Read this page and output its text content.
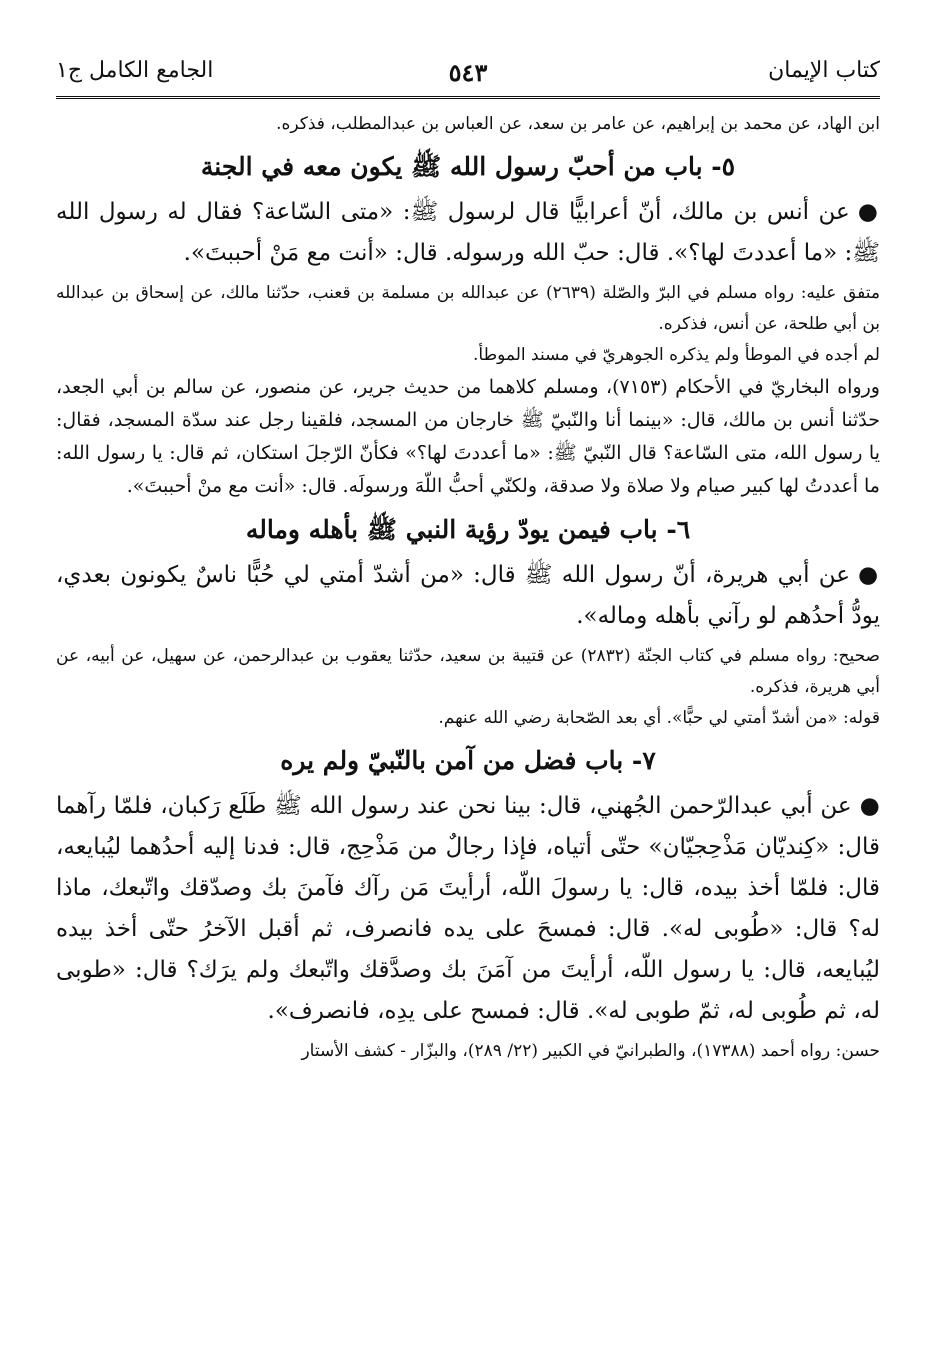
كتاب الإيمان
٥٤٣
الجامع الكامل ج١

ابن الهاد، عن محمد بن إبراهيم، عن عامر بن سعد، عن العباس بن عبدالمطلب، فذكره.

٥- باب من أحبّ رسول الله ﷺ يكون معه في الجنة

●عن أنس بن مالك، أنّ أعرابيًّا قال لرسول ﷺ: «متى السّاعة؟ فقال له رسول الله ﷺ: «ما أعددتَ لها؟». قال: حبّ الله ورسوله. قال: «أنت مع مَنْ أحببتَ».

متفق عليه: رواه مسلم في البرّ والصّلة (٢٦٣٩) عن عبدالله بن مسلمة بن قعنب، حدّثنا مالك، عن إسحاق بن عبدالله بن أبي طلحة، عن أنس، فذكره.

لم أجده في الموطأ ولم يذكره الجوهريّ في مسند الموطأ.

ورواه البخاريّ في الأحكام (٧١٥٣)، ومسلم كلاهما من حديث جرير، عن منصور، عن سالم بن أبي الجعد، حدّثنا أنس بن مالك، قال: «بينما أنا والنّبيّ ﷺ خارجان من المسجد، فلقينا رجل عند سدّة المسجد، فقال: يا رسول الله، متى السّاعة؟ قال النّبيّ ﷺ: «ما أعددتَ لها؟» فكأنّ الرّجلَ استكان، ثم قال: يا رسول الله: ما أعددتُ لها كبير صيام ولا صلاة ولا صدقة، ولكنّي أحبُّ اللّهَ ورسولَه. قال: «أنت مع منْ أحببتَ».

٦- باب فيمن يودّ رؤية النبي ﷺ بأهله وماله

●عن أبي هريرة، أنّ رسول الله ﷺ قال: «من أشدّ أمتي لي حُبًّا ناسٌ يكونون بعدي، يودُّ أحدُهم لو رآني بأهله وماله».

صحيح: رواه مسلم في كتاب الجنّة (٢٨٣٢) عن قتيبة بن سعيد، حدّثنا يعقوب بن عبدالرحمن، عن سهيل، عن أبيه، عن أبي هريرة، فذكره.

قوله: «من أشدّ أمتي لي حبًّا». أي بعد الصّحابة رضي الله عنهم.

٧- باب فضل من آمن بالنّبيّ ولم يره

●عن أبي عبدالرّحمن الجُهني، قال: بينا نحن عند رسول الله ﷺ طَلَع رَكبان، فلمّا رآهما قال: «كِنديّان مَذْحِجيّان» حتّى أتياه، فإذا رجالٌ من مَذْحِج، قال: فدنا إليه أحدُهما ليُبايعه، قال: فلمّا أخذ بيده، قال: يا رسولَ اللّه، أرأيتَ مَن رآك فآمنَ بك وصدّقك واتّبعك، ماذا له؟ قال: «طُوبى له». قال: فمسحَ على يده فانصرف، ثم أقبل الآخرُ حتّى أخذ بيده ليُبايعه، قال: يا رسول اللّه، أرأيتَ من آمَنَ بك وصدَّقك واتّبعك ولم يرَك؟ قال: «طوبى له، ثم طُوبى له، ثمّ طوبى له». قال: فمسح على يدِه، فانصرف».

حسن: رواه أحمد (١٧٣٨٨)، والطبرانيّ في الكبير (٢٢/ ٢٨٩)، والبزّار - كشف الأستار
